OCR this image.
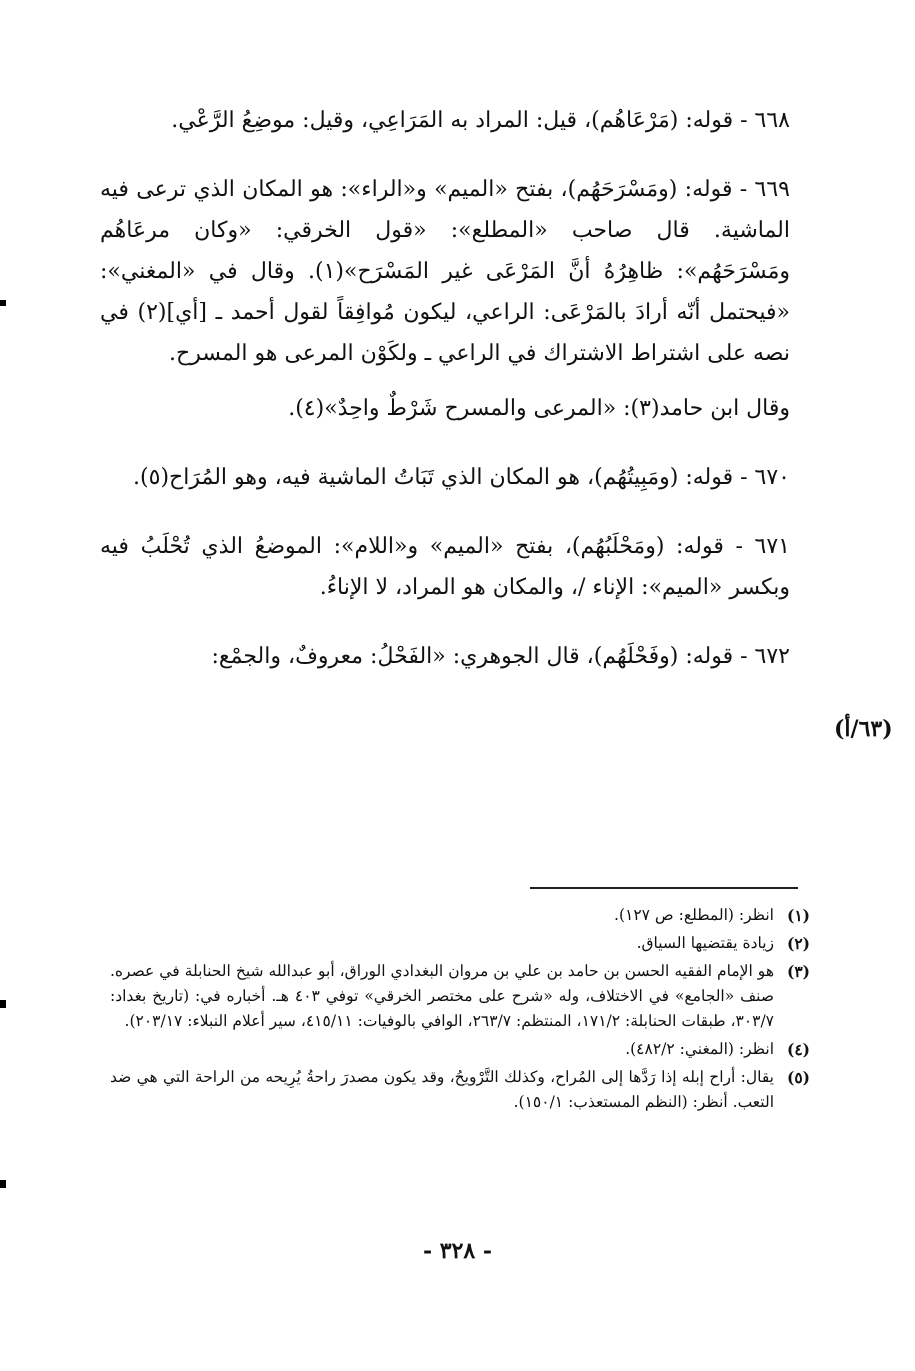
٦٦٨ - قوله: (مَرْعَاهُم)، قيل: المراد به المَرَاعِي، وقيل: موضِعُ الرَّعْي.

٦٦٩ - قوله: (ومَسْرَحَهُم)، بفتح «الميم» و«الراء»: هو المكان الذي ترعى فيه الماشية. قال صاحب «المطلع»: «قول الخرقي: «وكان مرعَاهُم ومَسْرَحَهُم»: ظاهِرُهُ أنَّ المَرْعَى غير المَسْرَح»(١). وقال في «المغني»: «فيحتمل أنّه أرادَ بالمَرْعَى: الراعي، ليكون مُوافِقاً لقول أحمد ـ [أي](٢) في نصه على اشتراط الاشتراك في الراعي ـ ولكَوْن المرعى هو المسرح.

وقال ابن حامد(٣): «المرعى والمسرح شَرْطٌ واحِدٌ»(٤).

٦٧٠ - قوله: (ومَبِيتُهُم)، هو المكان الذي تَبَاتُ الماشية فيه، وهو المُرَاح(٥).

٦٧١ - قوله: (ومَحْلَبُهُم)، بفتح «الميم» و«اللام»: الموضعُ الذي تُحْلَبُ فيه وبكسر «الميم»: الإناء /، والمكان هو المراد، لا الإناءُ.

٦٧٢ - قوله: (وفَحْلَهُم)، قال الجوهري: «الفَحْلُ: معروفٌ، والجمْع:

(٦٣/أ)
(١)
انظر: (المطلع: ص ١٢٧).
(٢)
زيادة يقتضيها السياق.
(٣)
هو الإمام الفقيه الحسن بن حامد بن علي بن مروان البغدادي الوراق، أبو عبدالله شيخ الحنابلة في عصره. صنف «الجامع» في الاختلاف، وله «شرح على مختصر الخرقي» توفي ٤٠٣ هـ. أخباره في: (تاريخ بغداد: ٣٠٣/٧، طبقات الحنابلة: ١٧١/٢، المنتظم: ٢٦٣/٧، الوافي بالوفيات: ٤١٥/١١، سير أعلام النبلاء: ٢٠٣/١٧).
(٤)
انظر: (المغني: ٤٨٢/٢).
(٥)
يقال: أراح إبله إذا رَدَّها إلى المُراح، وكذلك التَّرْويحُ، وقد يكون مصدرَ راحةُ يُرِيحه من الراحة التي هي ضد التعب. أنظر: (النظم المستعذب: ١٥٠/١).
- ٣٢٨ -
